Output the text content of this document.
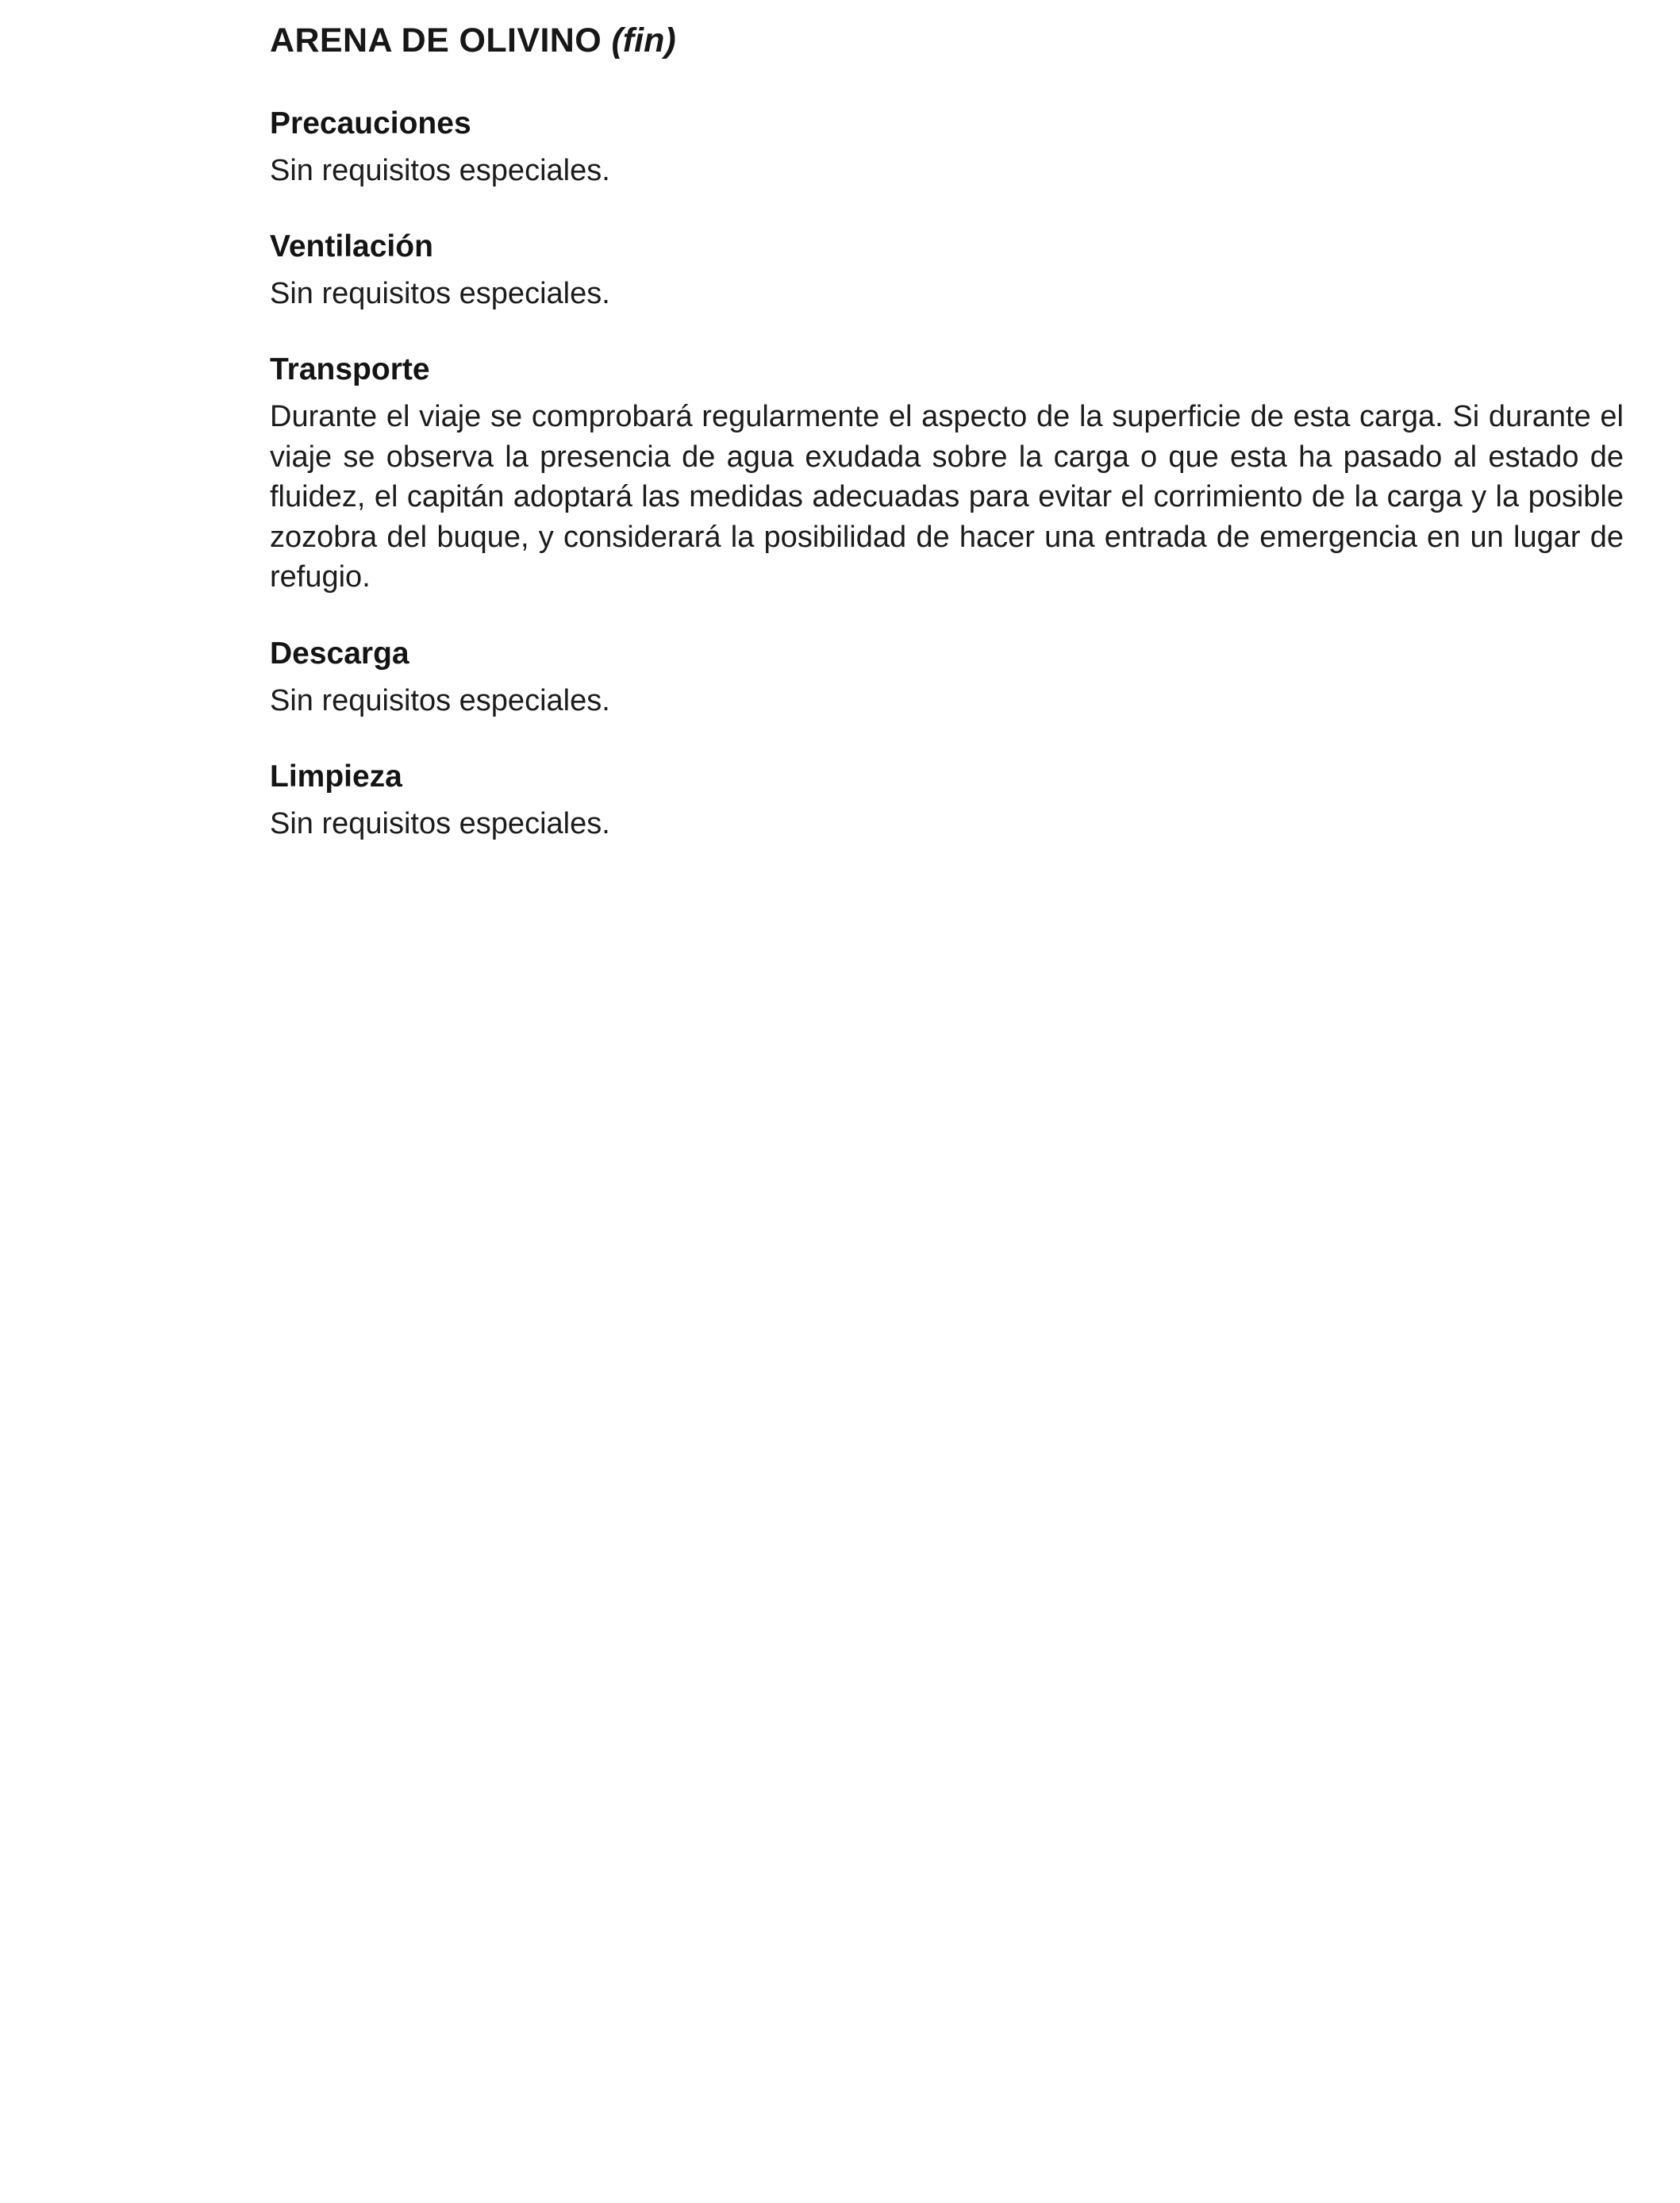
ARENA DE OLIVINO (fin)
Precauciones

Sin requisitos especiales.

Ventilación

Sin requisitos especiales.

Transporte

Durante el viaje se comprobará regularmente el aspecto de la superficie de esta carga. Si durante el viaje se observa la presencia de agua exudada sobre la carga o que esta ha pasado al estado de fluidez, el capitán adoptará las medidas adecuadas para evitar el corrimiento de la carga y la posible zozobra del buque, y considerará la posibilidad de hacer una entrada de emergencia en un lugar de refugio.

Descarga

Sin requisitos especiales.

Limpieza

Sin requisitos especiales.
